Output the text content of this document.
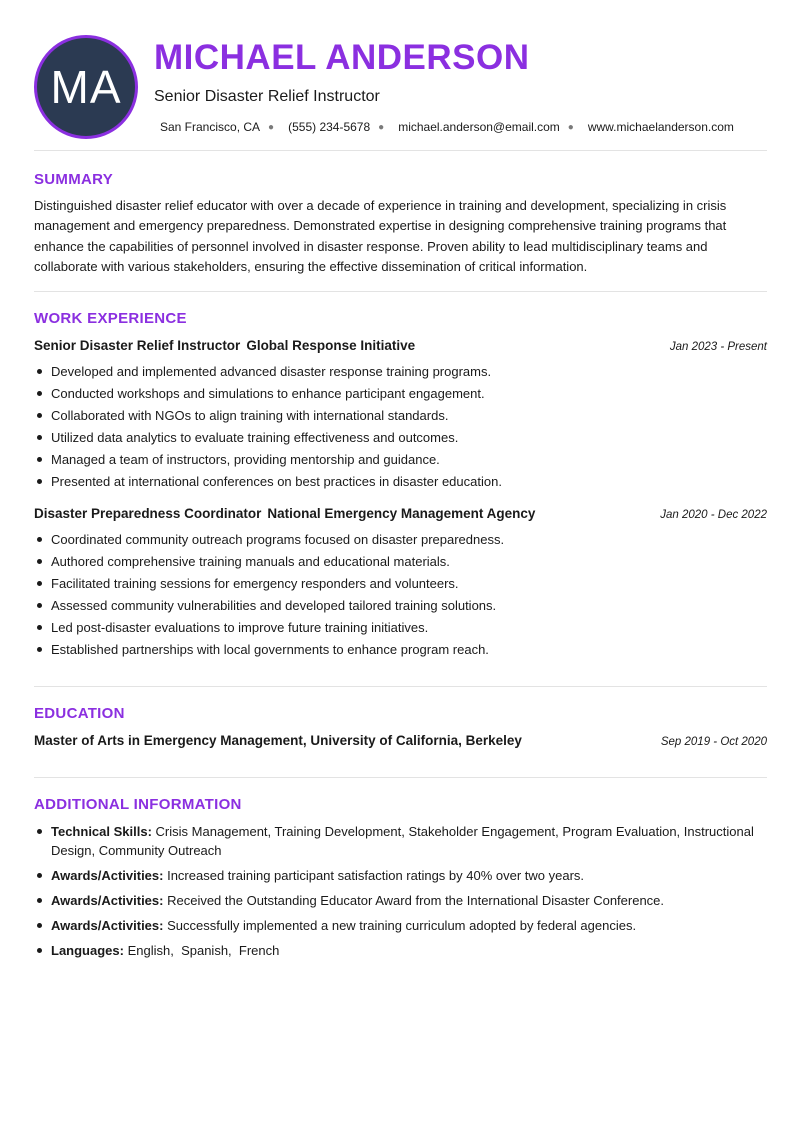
MA
MICHAEL ANDERSON
Senior Disaster Relief Instructor
San Francisco, CA ● (555) 234-5678 ● michael.anderson@email.com ● www.michaelanderson.com
SUMMARY

Distinguished disaster relief educator with over a decade of experience in training and development, specializing in crisis management and emergency preparedness. Demonstrated expertise in designing comprehensive training programs that enhance the capabilities of personnel involved in disaster response. Proven ability to lead multidisciplinary teams and collaborate with various stakeholders, ensuring the effective dissemination of critical information.

WORK EXPERIENCE
Senior Disaster Relief Instructor Global Response Initiative	Jan 2023 - Present
Developed and implemented advanced disaster response training programs.
Conducted workshops and simulations to enhance participant engagement.
Collaborated with NGOs to align training with international standards.
Utilized data analytics to evaluate training effectiveness and outcomes.
Managed a team of instructors, providing mentorship and guidance.
Presented at international conferences on best practices in disaster education.
Disaster Preparedness Coordinator National Emergency Management Agency	Jan 2020 - Dec 2022
Coordinated community outreach programs focused on disaster preparedness.
Authored comprehensive training manuals and educational materials.
Facilitated training sessions for emergency responders and volunteers.
Assessed community vulnerabilities and developed tailored training solutions.
Led post-disaster evaluations to improve future training initiatives.
Established partnerships with local governments to enhance program reach.
EDUCATION
Master of Arts in Emergency Management, University of California, Berkeley	Sep 2019 - Oct 2020
ADDITIONAL INFORMATION
Technical Skills: Crisis Management, Training Development, Stakeholder Engagement, Program Evaluation, Instructional Design, Community Outreach
Awards/Activities: Increased training participant satisfaction ratings by 40% over two years.
Awards/Activities: Received the Outstanding Educator Award from the International Disaster Conference.
Awards/Activities: Successfully implemented a new training curriculum adopted by federal agencies.
Languages: English,  Spanish,  French
